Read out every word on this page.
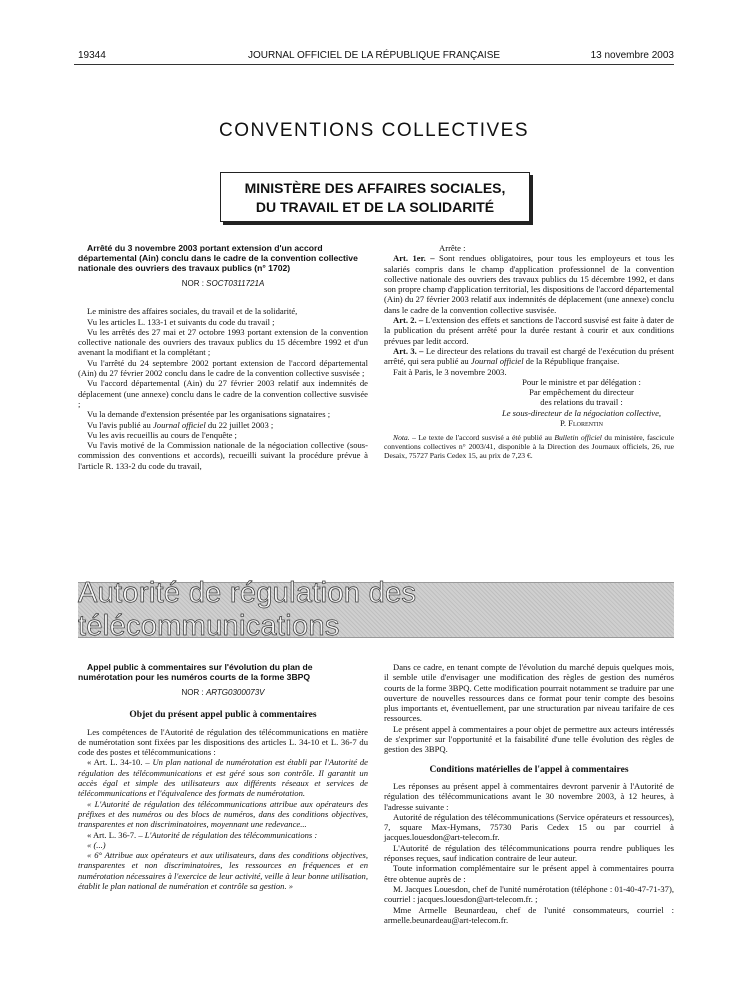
19344	JOURNAL OFFICIEL DE LA RÉPUBLIQUE FRANÇAISE	13 novembre 2003
CONVENTIONS COLLECTIVES
MINISTÈRE DES AFFAIRES SOCIALES,
DU TRAVAIL ET DE LA SOLIDARITÉ

Arrêté du 3 novembre 2003 portant extension d'un accord départemental (Ain) conclu dans le cadre de la convention collective nationale des ouvriers des travaux publics (n° 1702)

NOR : SOCT0311721A

Le ministre des affaires sociales, du travail et de la solidarité,

Vu les articles L. 133-1 et suivants du code du travail ;

Vu les arrêtés des 27 mai et 27 octobre 1993 portant extension de la convention collective nationale des ouvriers des travaux publics du 15 décembre 1992 et d'un avenant la modifiant et la complétant ;

Vu l'arrêté du 24 septembre 2002 portant extension de l'accord départemental (Ain) du 27 février 2002 conclu dans le cadre de la convention collective susvisée ;

Vu l'accord départemental (Ain) du 27 février 2003 relatif aux indemnités de déplacement (une annexe) conclu dans le cadre de la convention collective susvisée ;

Vu la demande d'extension présentée par les organisations signataires ;

Vu l'avis publié au Journal officiel du 22 juillet 2003 ;

Vu les avis recueillis au cours de l'enquête ;

Vu l'avis motivé de la Commission nationale de la négociation collective (sous-commission des conventions et accords), recueilli suivant la procédure prévue à l'article R. 133-2 du code du travail,

Arrête :

Art. 1er. – Sont rendues obligatoires, pour tous les employeurs et tous les salariés compris dans le champ d'application professionnel de la convention collective nationale des ouvriers des travaux publics du 15 décembre 1992, et dans son propre champ d'application territorial, les dispositions de l'accord départemental (Ain) du 27 février 2003 relatif aux indemnités de déplacement (une annexe) conclu dans le cadre de la convention collective susvisée.

Art. 2. – L'extension des effets et sanctions de l'accord susvisé est faite à dater de la publication du présent arrêté pour la durée restant à courir et aux conditions prévues par ledit accord.

Art. 3. – Le directeur des relations du travail est chargé de l'exécution du présent arrêté, qui sera publié au Journal officiel de la République française.

Fait à Paris, le 3 novembre 2003.

Pour le ministre et par délégation :
Par empêchement du directeur
des relations du travail :
Le sous-directeur de la négociation collective,
P. Florentin

Nota. – Le texte de l'accord susvisé a été publié au Bulletin officiel du ministère, fascicule conventions collectives n° 2003/41, disponible à la Direction des Journaux officiels, 26, rue Desaix, 75727 Paris Cedex 15, au prix de 7,23 €.

Autorité de régulation des télécommunications

Appel public à commentaires sur l'évolution du plan de numérotation pour les numéros courts de la forme 3BPQ

NOR : ARTG0300073V
Objet du présent appel public à commentaires

Les compétences de l'Autorité de régulation des télécommunications en matière de numérotation sont fixées par les dispositions des articles L. 34-10 et L. 36-7 du code des postes et télécommunications :

« Art. L. 34-10. – Un plan national de numérotation est établi par l'Autorité de régulation des télécommunications et est géré sous son contrôle. Il garantit un accès égal et simple des utilisateurs aux différents réseaux et services de télécommunications et l'équivalence des formats de numérotation.

« L'Autorité de régulation des télécommunications attribue aux opérateurs des préfixes et des numéros ou des blocs de numéros, dans des conditions objectives, transparentes et non discriminatoires, moyennant une redevance...

« Art. L. 36-7. – L'Autorité de régulation des télécommunications :

« (...)

« 6° Attribue aux opérateurs et aux utilisateurs, dans des conditions objectives, transparentes et non discriminatoires, les ressources en fréquences et en numérotation nécessaires à l'exercice de leur activité, veille à leur bonne utilisation, établit le plan national de numération et contrôle sa gestion. »

Dans ce cadre, en tenant compte de l'évolution du marché depuis quelques mois, il semble utile d'envisager une modification des règles de gestion des numéros courts de la forme 3BPQ. Cette modification pourrait notamment se traduire par une ouverture de nouvelles ressources dans ce format pour tenir compte des besoins plus importants et, éventuellement, par une structuration par niveau tarifaire de ces ressources.

Le présent appel à commentaires a pour objet de permettre aux acteurs intéressés de s'exprimer sur l'opportunité et la faisabilité d'une telle évolution des règles de gestion des 3BPQ.

Conditions matérielles de l'appel à commentaires

Les réponses au présent appel à commentaires devront parvenir à l'Autorité de régulation des télécommunications avant le 30 novembre 2003, à 12 heures, à l'adresse suivante :

Autorité de régulation des télécommunications (Service opérateurs et ressources), 7, square Max-Hymans, 75730 Paris Cedex 15 ou par courriel à jacques.louesdon@art-telecom.fr.

L'Autorité de régulation des télécommunications pourra rendre publiques les réponses reçues, sauf indication contraire de leur auteur.

Toute information complémentaire sur le présent appel à commentaires pourra être obtenue auprès de :

M. Jacques Louesdon, chef de l'unité numérotation (téléphone : 01-40-47-71-37), courriel : jacques.louesdon@art-telecom.fr. ;

Mme Armelle Beunardeau, chef de l'unité consommateurs, courriel : armelle.beunardeau@art-telecom.fr.
